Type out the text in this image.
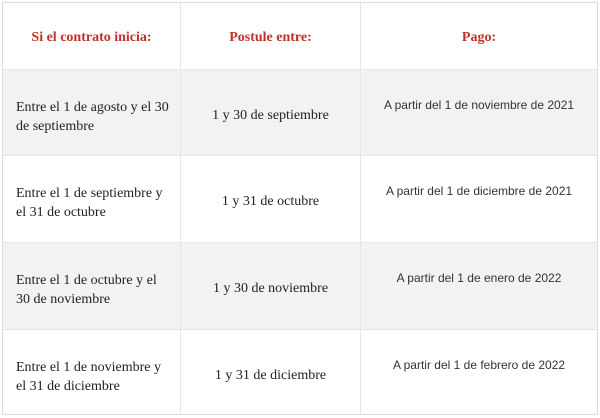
Si el contrato inicia:	Postule entre:	Pago:
Entre el 1 de agosto y el 30 de septiembre
1 y 30 de septiembre
A partir del 1 de noviembre de 2021
Entre el 1 de septiembre y el 31 de octubre
1 y 31 de octubre
A partir del 1 de diciembre de 2021
Entre el 1 de octubre y el 30 de noviembre
1 y 30 de noviembre
A partir del 1 de enero de 2022
Entre el 1 de noviembre y el 31 de diciembre
1 y 31 de diciembre
A partir del 1 de febrero de 2022
